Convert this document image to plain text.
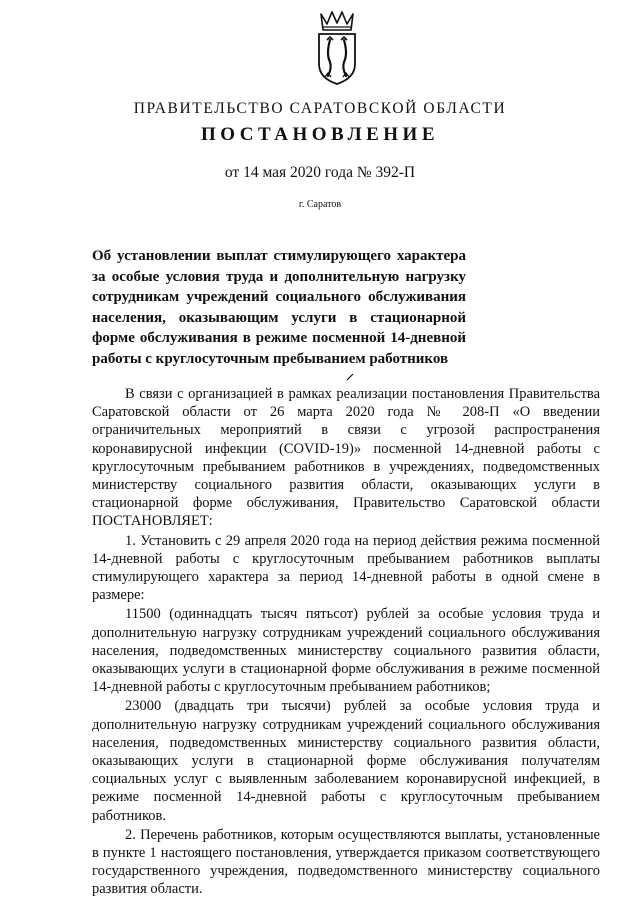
ПРАВИТЕЛЬСТВО САРАТОВСКОЙ ОБЛАСТИ
ПОСТАНОВЛЕНИЕ
от 14 мая 2020 года № 392-П
г. Саратов

Об установлении выплат стимулирующего характера за особые условия труда и дополнительную нагрузку сотрудникам учреждений социального обслуживания населения, оказывающим услуги в стационарной форме обслуживания в режиме посменной 14-дневной работы с круглосуточным пребыванием работников

В связи с организацией в рамках реализации постановления Правительства Саратовской области от 26 марта 2020 года № 208-П «О введении ограничительных мероприятий в связи с угрозой распространения коронавирусной инфекции (COVID-19)» посменной 14-дневной работы с круглосуточным пребыванием работников в учреждениях, подведомственных министерству социального развития области, оказывающих услуги в стационарной форме обслуживания, Правительство Саратовской области ПОСТАНОВЛЯЕТ:

1. Установить с 29 апреля 2020 года на период действия режима посменной 14-дневной работы с круглосуточным пребыванием работников выплаты стимулирующего характера за период 14-дневной работы в одной смене в размере:

11500 (одиннадцать тысяч пятьсот) рублей за особые условия труда и дополнительную нагрузку сотрудникам учреждений социального обслуживания населения, подведомственных министерству социального развития области, оказывающих услуги в стационарной форме обслуживания в режиме посменной 14-дневной работы с круглосуточным пребыванием работников;

23000 (двадцать три тысячи) рублей за особые условия труда и дополнительную нагрузку сотрудникам учреждений социального обслуживания населения, подведомственных министерству социального развития области, оказывающих услуги в стационарной форме обслуживания получателям социальных услуг с выявленным заболеванием коронавирусной инфекцией, в режиме посменной 14-дневной работы с круглосуточным пребыванием работников.

2. Перечень работников, которым осуществляются выплаты, установленные в пункте 1 настоящего постановления, утверждается приказом соответствующего государственного учреждения, подведомственного министерству социального развития области.
